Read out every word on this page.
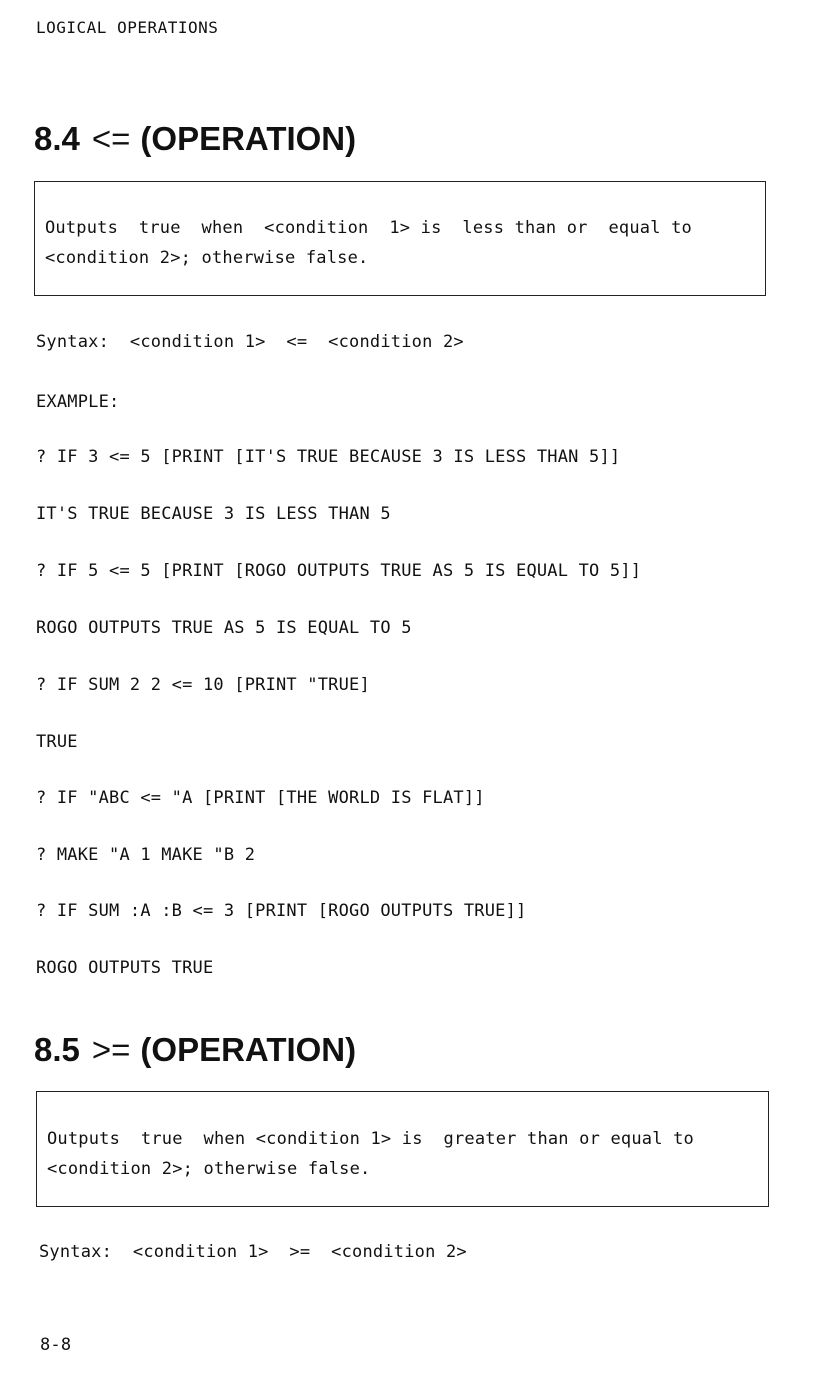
LOGICAL OPERATIONS
8.4 <= (OPERATION)

Outputs  true  when  <condition  1> is  less than or  equal to

<condition 2>; otherwise false.

Syntax:  <condition 1>  <=  <condition 2>
EXAMPLE:
? IF 3 <= 5 [PRINT [IT'S TRUE BECAUSE 3 IS LESS THAN 5]]
IT'S TRUE BECAUSE 3 IS LESS THAN 5
? IF 5 <= 5 [PRINT [ROGO OUTPUTS TRUE AS 5 IS EQUAL TO 5]]
ROGO OUTPUTS TRUE AS 5 IS EQUAL TO 5
? IF SUM 2 2 <= 10 [PRINT "TRUE]
TRUE
? IF "ABC <= "A [PRINT [THE WORLD IS FLAT]]
? MAKE "A 1 MAKE "B 2
? IF SUM :A :B <= 3 [PRINT [ROGO OUTPUTS TRUE]]
ROGO OUTPUTS TRUE
8.5 >= (OPERATION)

Outputs  true  when <condition 1> is  greater than or equal to

<condition 2>; otherwise false.

Syntax:  <condition 1>  >=  <condition 2>
8-8
